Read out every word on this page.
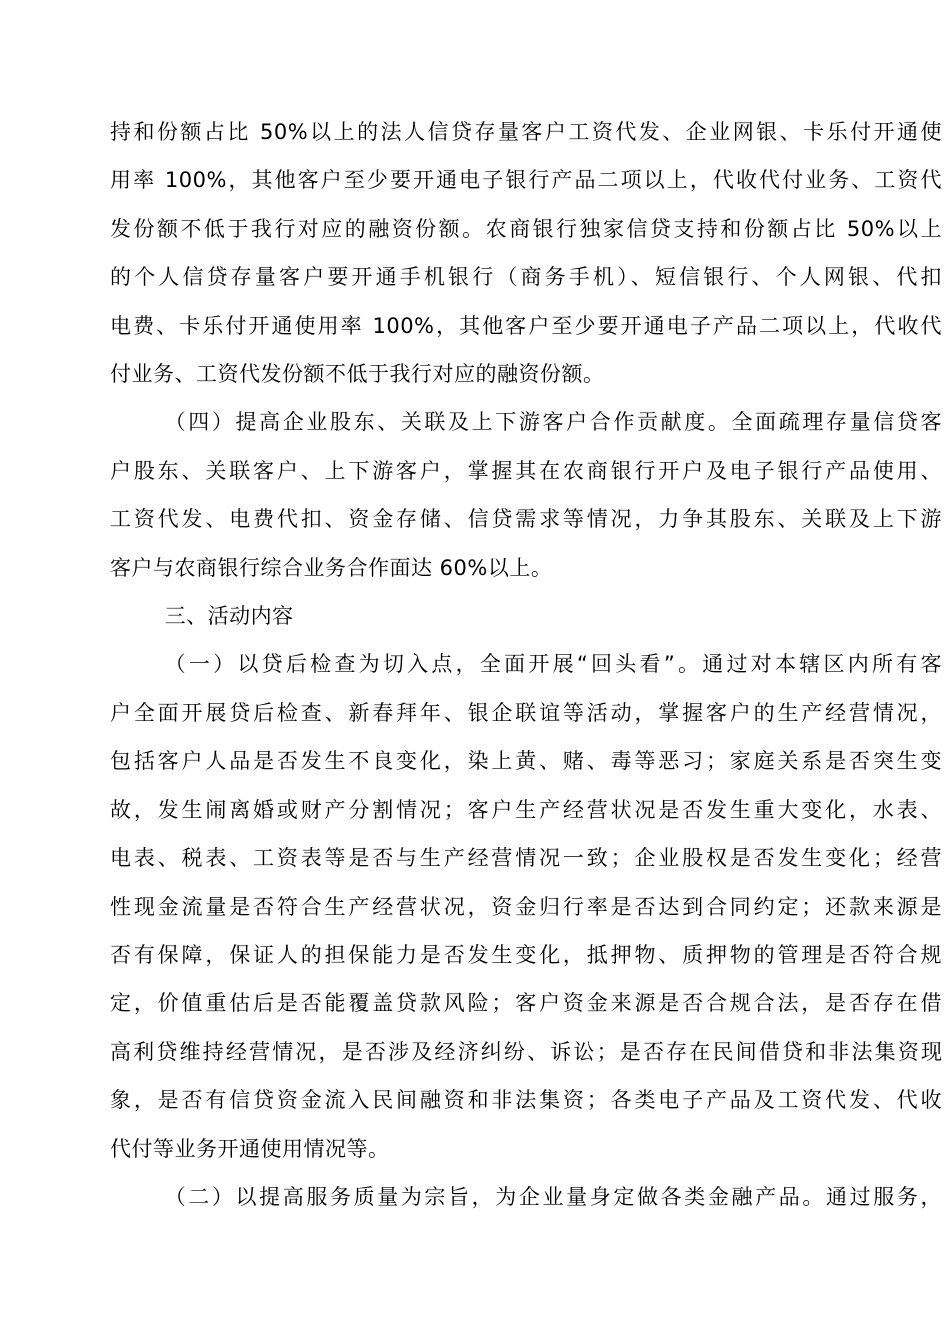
持和份额占比 50%以上的法人信贷存量客户工资代发、企业网银、卡乐付开通使
用率 100%，其他客户至少要开通电子银行产品二项以上，代收代付业务、工资代
发份额不低于我行对应的融资份额。农商银行独家信贷支持和份额占比 50%以上
的个人信贷存量客户要开通手机银行（商务手机）、短信银行、个人网银、代扣
电费、卡乐付开通使用率 100%，其他客户至少要开通电子产品二项以上，代收代
付业务、工资代发份额不低于我行对应的融资份额。
（四）提高企业股东、关联及上下游客户合作贡献度。全面疏理存量信贷客
户股东、关联客户、上下游客户，掌握其在农商银行开户及电子银行产品使用、
工资代发、电费代扣、资金存储、信贷需求等情况，力争其股东、关联及上下游
客户与农商银行综合业务合作面达 60%以上。
三、活动内容
（一）以贷后检查为切入点，全面开展“回头看”。通过对本辖区内所有客
户全面开展贷后检查、新春拜年、银企联谊等活动，掌握客户的生产经营情况，
包括客户人品是否发生不良变化，染上黄、赌、毒等恶习；家庭关系是否突生变
故，发生闹离婚或财产分割情况；客户生产经营状况是否发生重大变化，水表、
电表、税表、工资表等是否与生产经营情况一致；企业股权是否发生变化；经营
性现金流量是否符合生产经营状况，资金归行率是否达到合同约定；还款来源是
否有保障，保证人的担保能力是否发生变化，抵押物、质押物的管理是否符合规
定，价值重估后是否能覆盖贷款风险；客户资金来源是否合规合法，是否存在借
高利贷维持经营情况，是否涉及经济纠纷、诉讼；是否存在民间借贷和非法集资现
象，是否有信贷资金流入民间融资和非法集资；各类电子产品及工资代发、代收
代付等业务开通使用情况等。
（二）以提高服务质量为宗旨，为企业量身定做各类金融产品。通过服务，
